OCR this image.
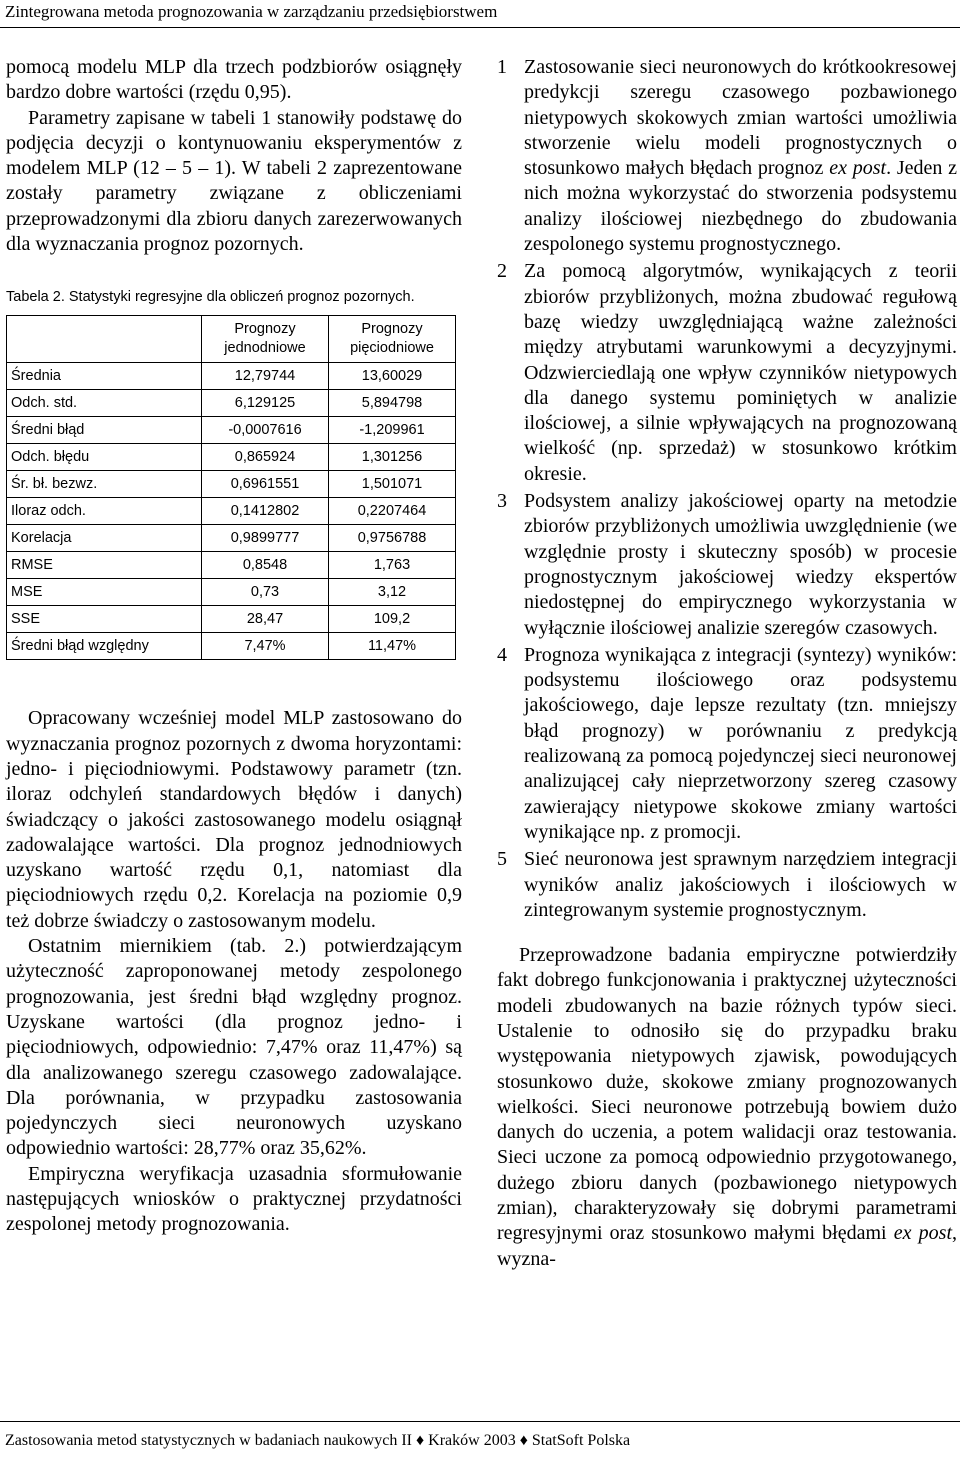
Zintegrowana metoda prognozowania w zarządzaniu przedsiębiorstwem

pomocą modelu MLP dla trzech podzbiorów osiągnęły bardzo dobre wartości (rzędu 0,95).

Parametry zapisane w tabeli 1 stanowiły podstawę do podjęcia decyzji o kontynuowaniu eksperymentów z modelem MLP (12 – 5 – 1). W tabeli 2 zaprezentowane zostały parametry związane z obliczeniami przeprowadzonymi dla zbioru danych zarezerwowanych dla wyznaczania prognoz pozornych.

Tabela 2. Statystyki regresyjne dla obliczeń prognoz pozornych.
	Prognozy jednodniowe	Prognozy pięciodniowe
Średnia	12,79744	13,60029
Odch. std.	6,129125	5,894798
Średni błąd	-0,0007616	-1,209961
Odch. błędu	0,865924	1,301256
Śr. bł. bezwz.	0,6961551	1,501071
Iloraz odch.	0,1412802	0,2207464
Korelacja	0,9899777	0,9756788
RMSE	0,8548	1,763
MSE	0,73	3,12
SSE	28,47	109,2
Średni błąd względny	7,47%	11,47%

Opracowany wcześniej model MLP zastosowano do wyznaczania prognoz pozornych z dwoma horyzontami: jedno- i pięciodniowymi. Podstawowy parametr (tzn. iloraz odchyleń standardowych błędów i danych) świadczący o jakości zastosowanego modelu osiągnął zadowalające wartości. Dla prognoz jednodniowych uzyskano wartość rzędu 0,1, natomiast dla pięciodniowych rzędu 0,2. Korelacja na poziomie 0,9 też dobrze świadczy o zastosowanym modelu.

Ostatnim miernikiem (tab. 2.) potwierdzającym użyteczność zaproponowanej metody zespolonego prognozowania, jest średni błąd względny prognoz. Uzyskane wartości (dla prognoz jedno- i pięciodniowych, odpowiednio: 7,47% oraz 11,47%) są dla analizowanego szeregu czasowego zadowalające. Dla porównania, w przypadku zastosowania pojedynczych sieci neuronowych uzyskano odpowiednio wartości: 28,77% oraz 35,62%.

Empiryczna weryfikacja uzasadnia sformułowanie następujących wniosków o praktycznej przydatności zespolonej metody prognozowania.

1 Zastosowanie sieci neuronowych do krótkookresowej predykcji szeregu czasowego pozbawionego nietypowych skokowych zmian wartości umożliwia stworzenie wielu modeli prognostycznych o stosunkowo małych błędach prognoz ex post. Jeden z nich można wykorzystać do stworzenia podsystemu analizy ilościowej niezbędnego do zbudowania zespolonego systemu prognostycznego.
2 Za pomocą algorytmów, wynikających z teorii zbiorów przybliżonych, można zbudować regułową bazę wiedzy uwzględniającą ważne zależności między atrybutami warunkowymi a decyzyjnymi. Odzwierciedlają one wpływ czynników nietypowych dla danego systemu pominiętych w analizie ilościowej, a silnie wpływających na prognozowaną wielkość (np. sprzedaż) w stosunkowo krótkim okresie.
3 Podsystem analizy jakościowej oparty na metodzie zbiorów przybliżonych umożliwia uwzględnienie (we względnie prosty i skuteczny sposób) w procesie prognostycznym jakościowej wiedzy ekspertów niedostępnej do empirycznego wykorzystania w wyłącznie ilościowej analizie szeregów czasowych.
4 Prognoza wynikająca z integracji (syntezy) wyników: podsystemu ilościowego oraz podsystemu jakościowego, daje lepsze rezultaty (tzn. mniejszy błąd prognozy) w porównaniu z predykcją realizowaną za pomocą pojedynczej sieci neuronowej analizującej cały nieprzetworzony szereg czasowy zawierający nietypowe skokowe zmiany wartości wynikające np. z promocji.
5 Sieć neuronowa jest sprawnym narzędziem integracji wyników analiz jakościowych i ilościowych w zintegrowanym systemie prognostycznym.

Przeprowadzone badania empiryczne potwierdziły fakt dobrego funkcjonowania i praktycznej użyteczności modeli zbudowanych na bazie różnych typów sieci. Ustalenie to odnosiło się do przypadku braku występowania nietypowych zjawisk, powodujących stosunkowo duże, skokowe zmiany prognozowanych wielkości. Sieci neuronowe potrzebują bowiem dużo danych do uczenia, a potem walidacji oraz testowania. Sieci uczone za pomocą odpowiednio przygotowanego, dużego zbioru danych (pozbawionego nietypowych zmian), charakteryzowały się dobrymi parametrami regresyjnymi oraz stosunkowo małymi błędami ex post, wyzna-

Zastosowania metod statystycznych w badaniach naukowych II ♦ Kraków 2003 ♦ StatSoft Polska
